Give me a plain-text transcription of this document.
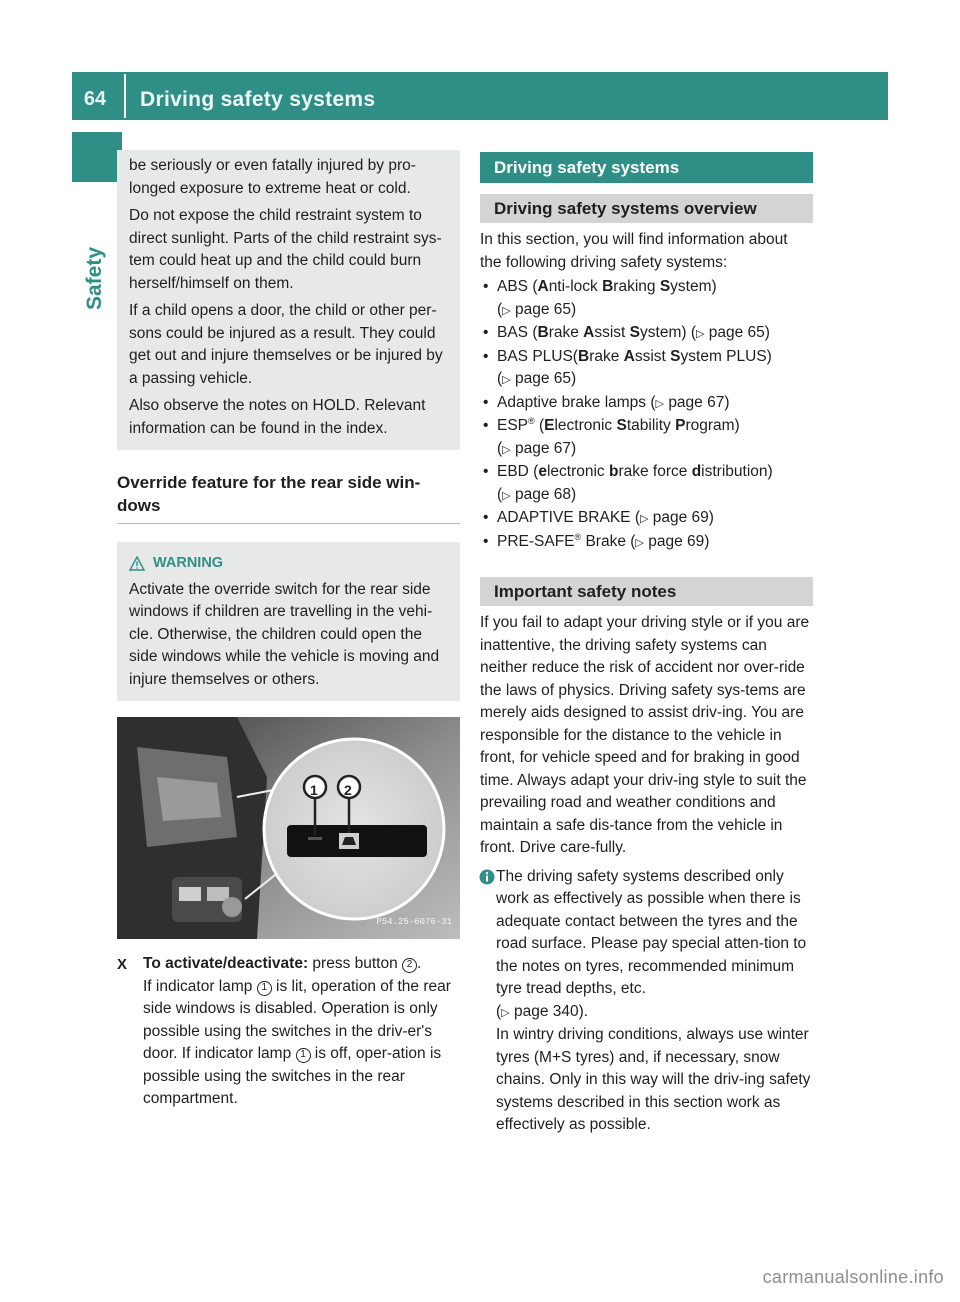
64	Driving safety systems
Safety

be seriously or even fatally injured by pro-longed exposure to extreme heat or cold.

Do not expose the child restraint system to direct sunlight. Parts of the child restraint sys-tem could heat up and the child could burn herself/himself on them.

If a child opens a door, the child or other per-sons could be injured as a result. They could get out and injure themselves or be injured by a passing vehicle.

Also observe the notes on HOLD. Relevant information can be found in the index.

Override feature for the rear side win-dows
WARNING

Activate the override switch for the rear side windows if children are travelling in the vehi-cle. Otherwise, the children could open the side windows while the vehicle is moving and injure themselves or others.

1 2
P54.25-6076-31
X To activate/deactivate: press button 2 .
If indicator lamp 1 is lit, operation of the rear side windows is disabled. Operation is only possible using the switches in the driv-er's door. If indicator lamp 1 is off, oper-ation is possible using the switches in the rear compartment.
Driving safety systems
Driving safety systems overview

In this section, you will find information about the following driving safety systems:

• ABS (Anti-lock Braking System)
(▷ page 65)
• BAS (Brake Assist System) (▷ page 65)
• BAS PLUS(Brake Assist System PLUS)
(▷ page 65)
• Adaptive brake lamps (▷ page 67)
• ESP® (Electronic Stability Program)
(▷ page 67)
• EBD (electronic brake force distribution)
(▷ page 68)
• ADAPTIVE BRAKE (▷ page 69)
• PRE-SAFE® Brake (▷ page 69)
Important safety notes

If you fail to adapt your driving style or if you are inattentive, the driving safety systems can neither reduce the risk of accident nor over-ride the laws of physics. Driving safety sys-tems are merely aids designed to assist driv-ing. You are responsible for the distance to the vehicle in front, for vehicle speed and for braking in good time. Always adapt your driv-ing style to suit the prevailing road and weather conditions and maintain a safe dis-tance from the vehicle in front. Drive care-fully.

The driving safety systems described only work as effectively as possible when there is adequate contact between the tyres and the road surface. Please pay special atten-tion to the notes on tyres, recommended minimum tyre tread depths, etc.
(▷ page 340).

In wintry driving conditions, always use winter tyres (M+S tyres) and, if necessary, snow chains. Only in this way will the driv-ing safety systems described in this section work as effectively as possible.

carmanualsonline.info
